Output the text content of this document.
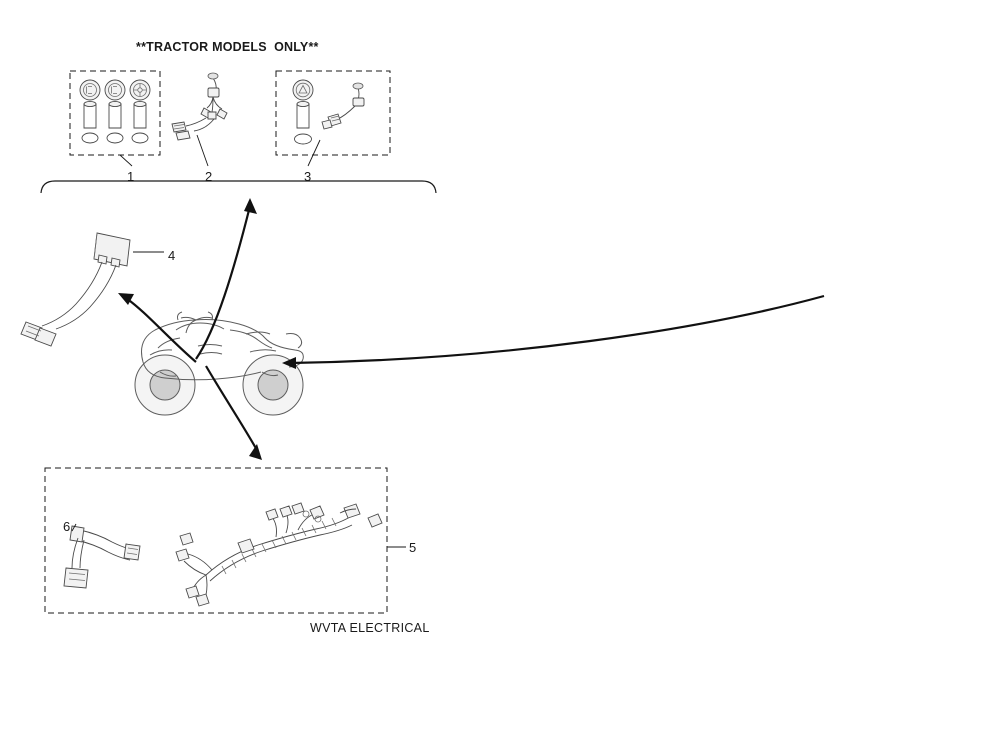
**TRACTOR MODELS  ONLY**
WVTA ELECTRICAL
1	2	3
4
5
6
